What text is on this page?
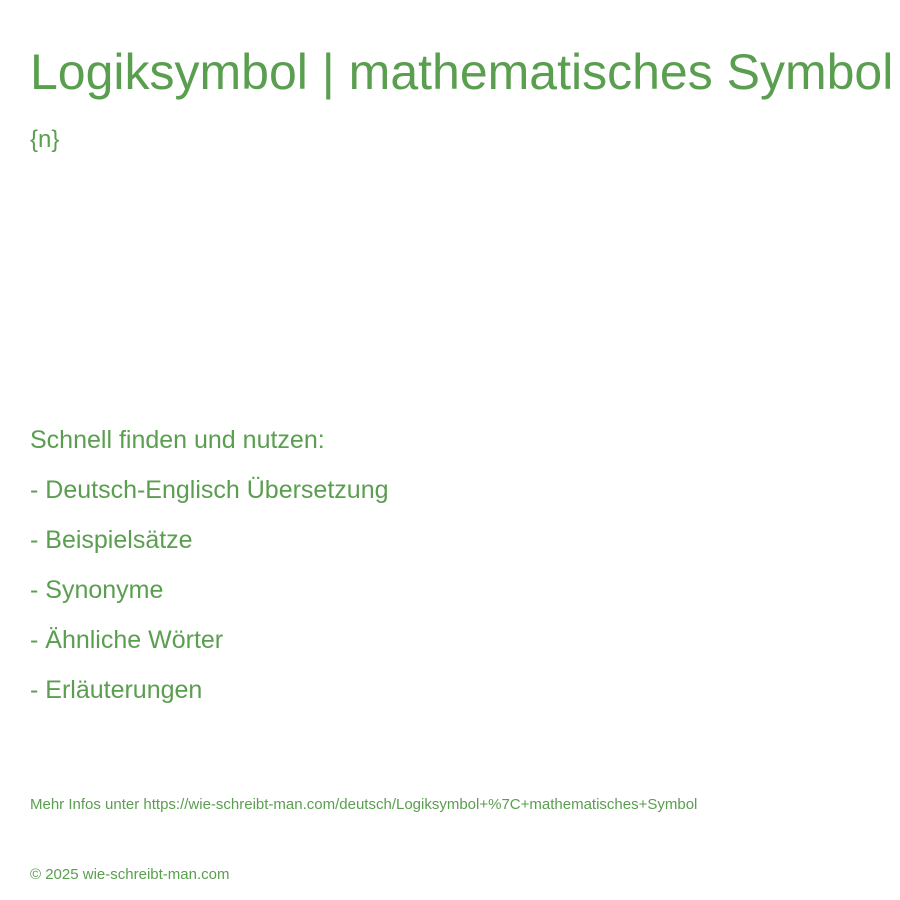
Logiksymbol | mathematisches Symbol
{n}
Schnell finden und nutzen:
- Deutsch-Englisch Übersetzung
- Beispielsätze
- Synonyme
- Ähnliche Wörter
- Erläuterungen
Mehr Infos unter https://wie-schreibt-man.com/deutsch/Logiksymbol+%7C+mathematisches+Symbol
© 2025 wie-schreibt-man.com
